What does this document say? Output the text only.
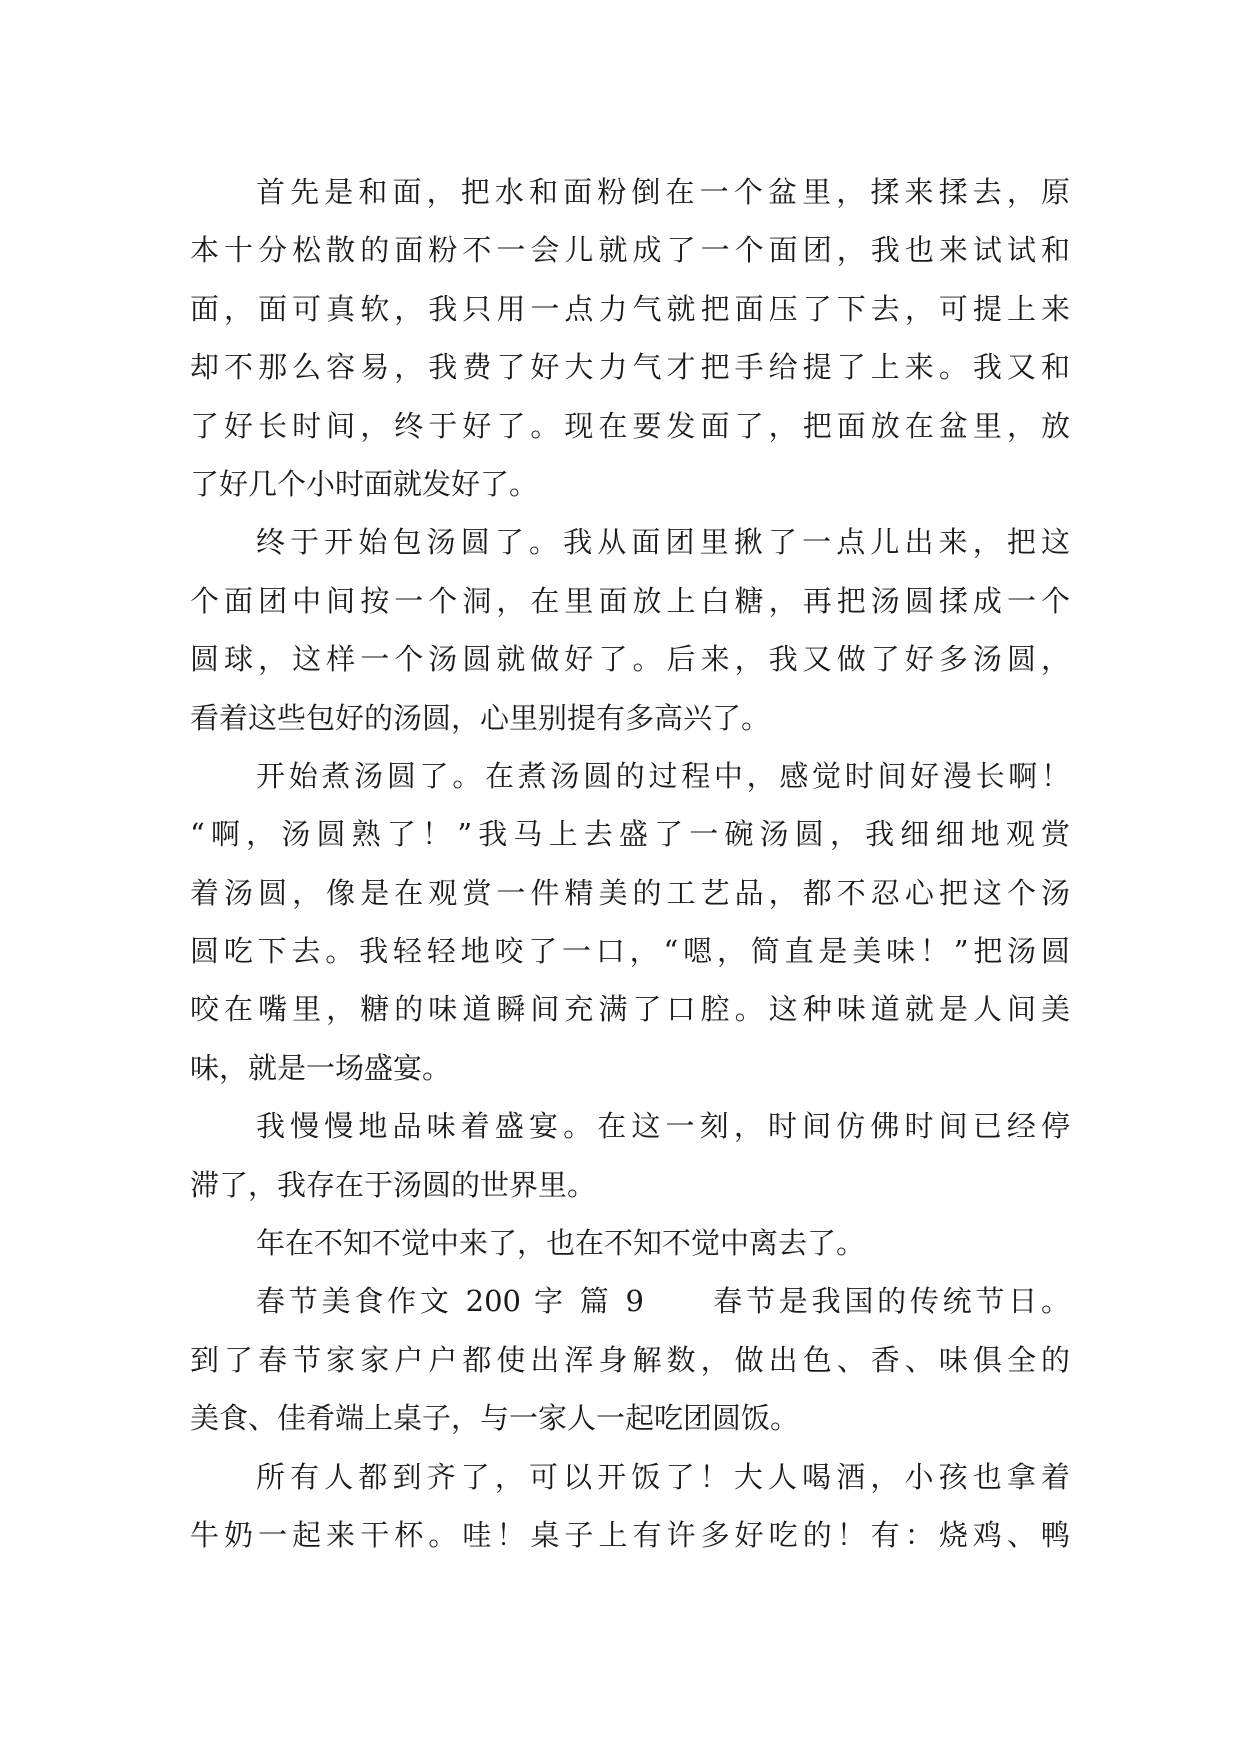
首先是和面，把水和面粉倒在一个盆里，揉来揉去，原
本十分松散的面粉不一会儿就成了一个面团，我也来试试和
面，面可真软，我只用一点力气就把面压了下去，可提上来
却不那么容易，我费了好大力气才把手给提了上来。我又和
了好长时间，终于好了。现在要发面了，把面放在盆里，放
了好几个小时面就发好了。
终于开始包汤圆了。我从面团里揪了一点儿出来，把这
个面团中间按一个洞，在里面放上白糖，再把汤圆揉成一个
圆球，这样一个汤圆就做好了。后来，我又做了好多汤圆，
看着这些包好的汤圆，心里别提有多高兴了。
开始煮汤圆了。在煮汤圆的过程中，感觉时间好漫长啊！
“啊，汤圆熟了！”我马上去盛了一碗汤圆，我细细地观赏
着汤圆，像是在观赏一件精美的工艺品，都不忍心把这个汤
圆吃下去。我轻轻地咬了一口，“嗯，简直是美味！”把汤圆
咬在嘴里，糖的味道瞬间充满了口腔。这种味道就是人间美
味，就是一场盛宴。
我慢慢地品味着盛宴。在这一刻，时间仿佛时间已经停
滞了，我存在于汤圆的世界里。
年在不知不觉中来了，也在不知不觉中离去了。
春节美食作文 200 字 篇 9　　春节是我国的传统节日。
到了春节家家户户都使出浑身解数，做出色、香、味俱全的
美食、佳肴端上桌子，与一家人一起吃团圆饭。
所有人都到齐了，可以开饭了！大人喝酒，小孩也拿着
牛奶一起来干杯。哇！桌子上有许多好吃的！有：烧鸡、鸭
